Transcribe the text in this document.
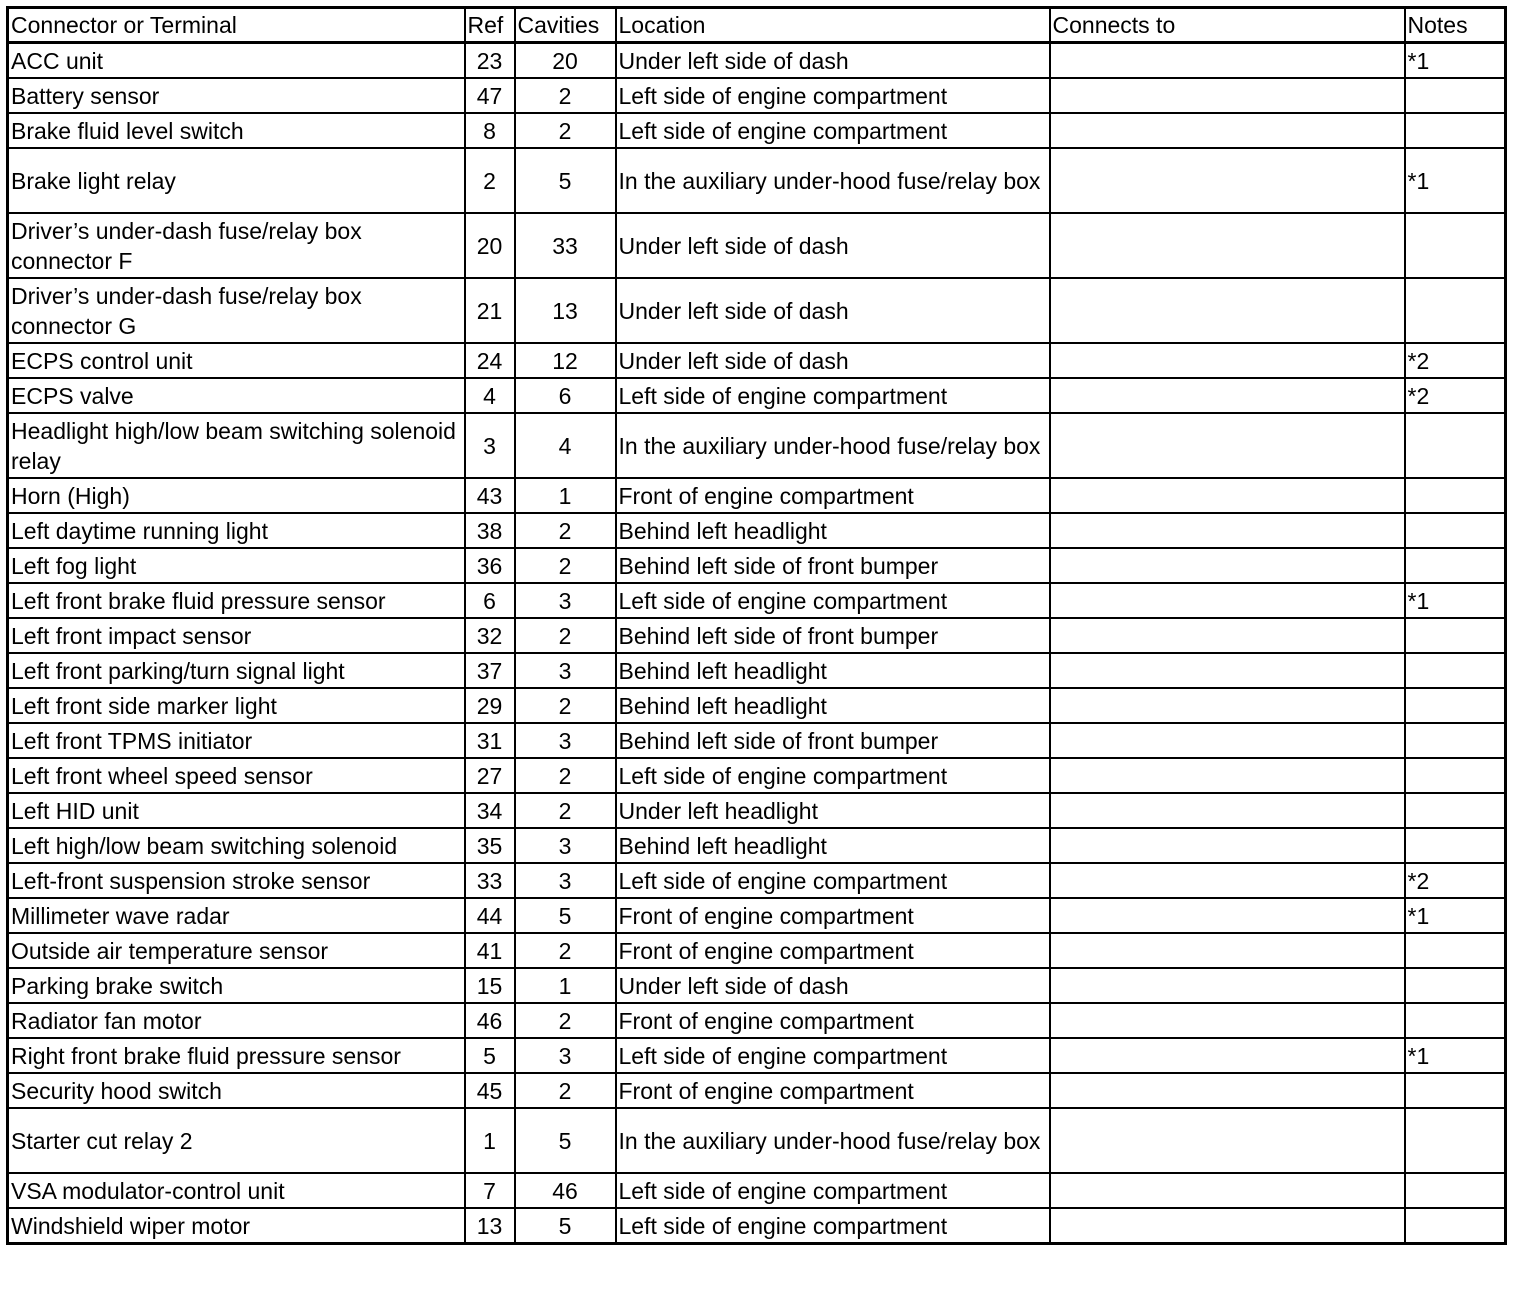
Connector or Terminal	Ref	Cavities	Location	Connects to	Notes
ACC unit	23	20	Under left side of dash		*1
Battery sensor	47	2	Left side of engine compartment		
Brake fluid level switch	8	2	Left side of engine compartment		
Brake light relay	2	5	In the auxiliary under-hood fuse/relay box		*1
Driver’s under-dash fuse/relay box connector F	20	33	Under left side of dash		
Driver’s under-dash fuse/relay box connector G	21	13	Under left side of dash		
ECPS control unit	24	12	Under left side of dash		*2
ECPS valve	4	6	Left side of engine compartment		*2
Headlight high/low beam switching solenoid relay	3	4	In the auxiliary under-hood fuse/relay box		
Horn (High)	43	1	Front of engine compartment		
Left daytime running light	38	2	Behind left headlight		
Left fog light	36	2	Behind left side of front bumper		
Left front brake fluid pressure sensor	6	3	Left side of engine compartment		*1
Left front impact sensor	32	2	Behind left side of front bumper		
Left front parking/turn signal light	37	3	Behind left headlight		
Left front side marker light	29	2	Behind left headlight		
Left front TPMS initiator	31	3	Behind left side of front bumper		
Left front wheel speed sensor	27	2	Left side of engine compartment		
Left HID unit	34	2	Under left headlight		
Left high/low beam switching solenoid	35	3	Behind left headlight		
Left-front suspension stroke sensor	33	3	Left side of engine compartment		*2
Millimeter wave radar	44	5	Front of engine compartment		*1
Outside air temperature sensor	41	2	Front of engine compartment		
Parking brake switch	15	1	Under left side of dash		
Radiator fan motor	46	2	Front of engine compartment		
Right front brake fluid pressure sensor	5	3	Left side of engine compartment		*1
Security hood switch	45	2	Front of engine compartment		
Starter cut relay 2	1	5	In the auxiliary under-hood fuse/relay box		
VSA modulator-control unit	7	46	Left side of engine compartment		
Windshield wiper motor	13	5	Left side of engine compartment		
